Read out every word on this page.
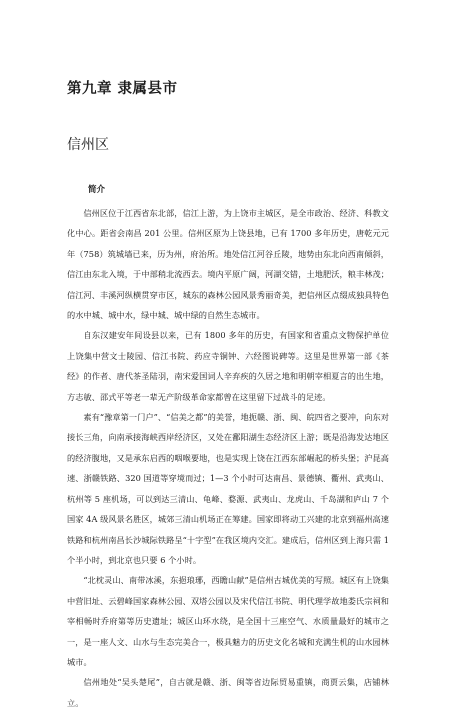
第九章 隶属县市
信州区
简介

信州区位于江西省东北部，信江上游，为上饶市主城区，是全市政治、经济、科教文化中心。距省会南昌 201 公里。信州区原为上饶县地，已有 1700 多年历史，唐乾元元年（758）筑城墙已来，历为州，府治所。地处信江河谷丘陵，地势由东北向西南倾斜，信江由东北入境，于中部稍北流西去。境内平原广阔，河湖交错，土地肥沃，粮丰林茂；信江河、丰溪河纵横贯穿市区，城东的森林公园风景秀丽奇美，把信州区点缀成独具特色的水中城、城中水，绿中城、城中绿的自然生态城市。

自东汉建安年间设县以来，已有 1800 多年的历史，有国家和省重点文物保护单位上饶集中营文士陵园、信江书院、药应寺铜钟、六经图说碑等。这里是世界第一部《茶经》的作者、唐代茶圣陆羽，南宋爱国词人辛弃疾的久居之地和明朝宰相夏言的出生地，方志敏、邵式平等老一辈无产阶级革命家都曾在这里留下过战斗的足迹。

素有“豫章第一门户”、“信美之都”的美誉，地扼赣、浙、闽、皖四省之要冲，向东对接长三角，向南承接海峡西岸经济区，又处在鄱阳湖生态经济区上游；既是沿海发达地区的经济腹地，又是承东启西的咽喉要地，也是实现上饶在江西东部崛起的桥头堡；沪昆高速、浙赣铁路、320 国道等穿境而过；1—3 个小时可达南昌、景德镇、衢州、武夷山、杭州等 5 座机场，可以到达三清山、龟峰、婺源、武夷山、龙虎山、千岛湖和庐山 7 个国家 4A 级风景名胜区，城郊三清山机场正在筹建。国家即将动工兴建的北京到福州高速铁路和杭州南昌长沙城际铁路呈“十字型”在我区境内交汇。建成后，信州区到上海只需 1 个半小时，到北京也只要 6 个小时。

“北枕灵山、南带冰溪，东挹琅琊，西瞻山献”是信州古城优美的写照。城区有上饶集中营旧址、云碧峰国家森林公园、双塔公园以及宋代信江书院、明代理学故地娄氏宗祠和宰相畅时乔府第等历史遗址；城区山环水绕，是全国十三座空气、水质量最好的城市之一，是一座人文、山水与生态完美合一，极具魅力的历史文化名城和充满生机的山水园林城市。

信州地处“吴头楚尾”，自古就是赣、浙、闽等省边际贸易重镇，商贾云集，店铺林立。
